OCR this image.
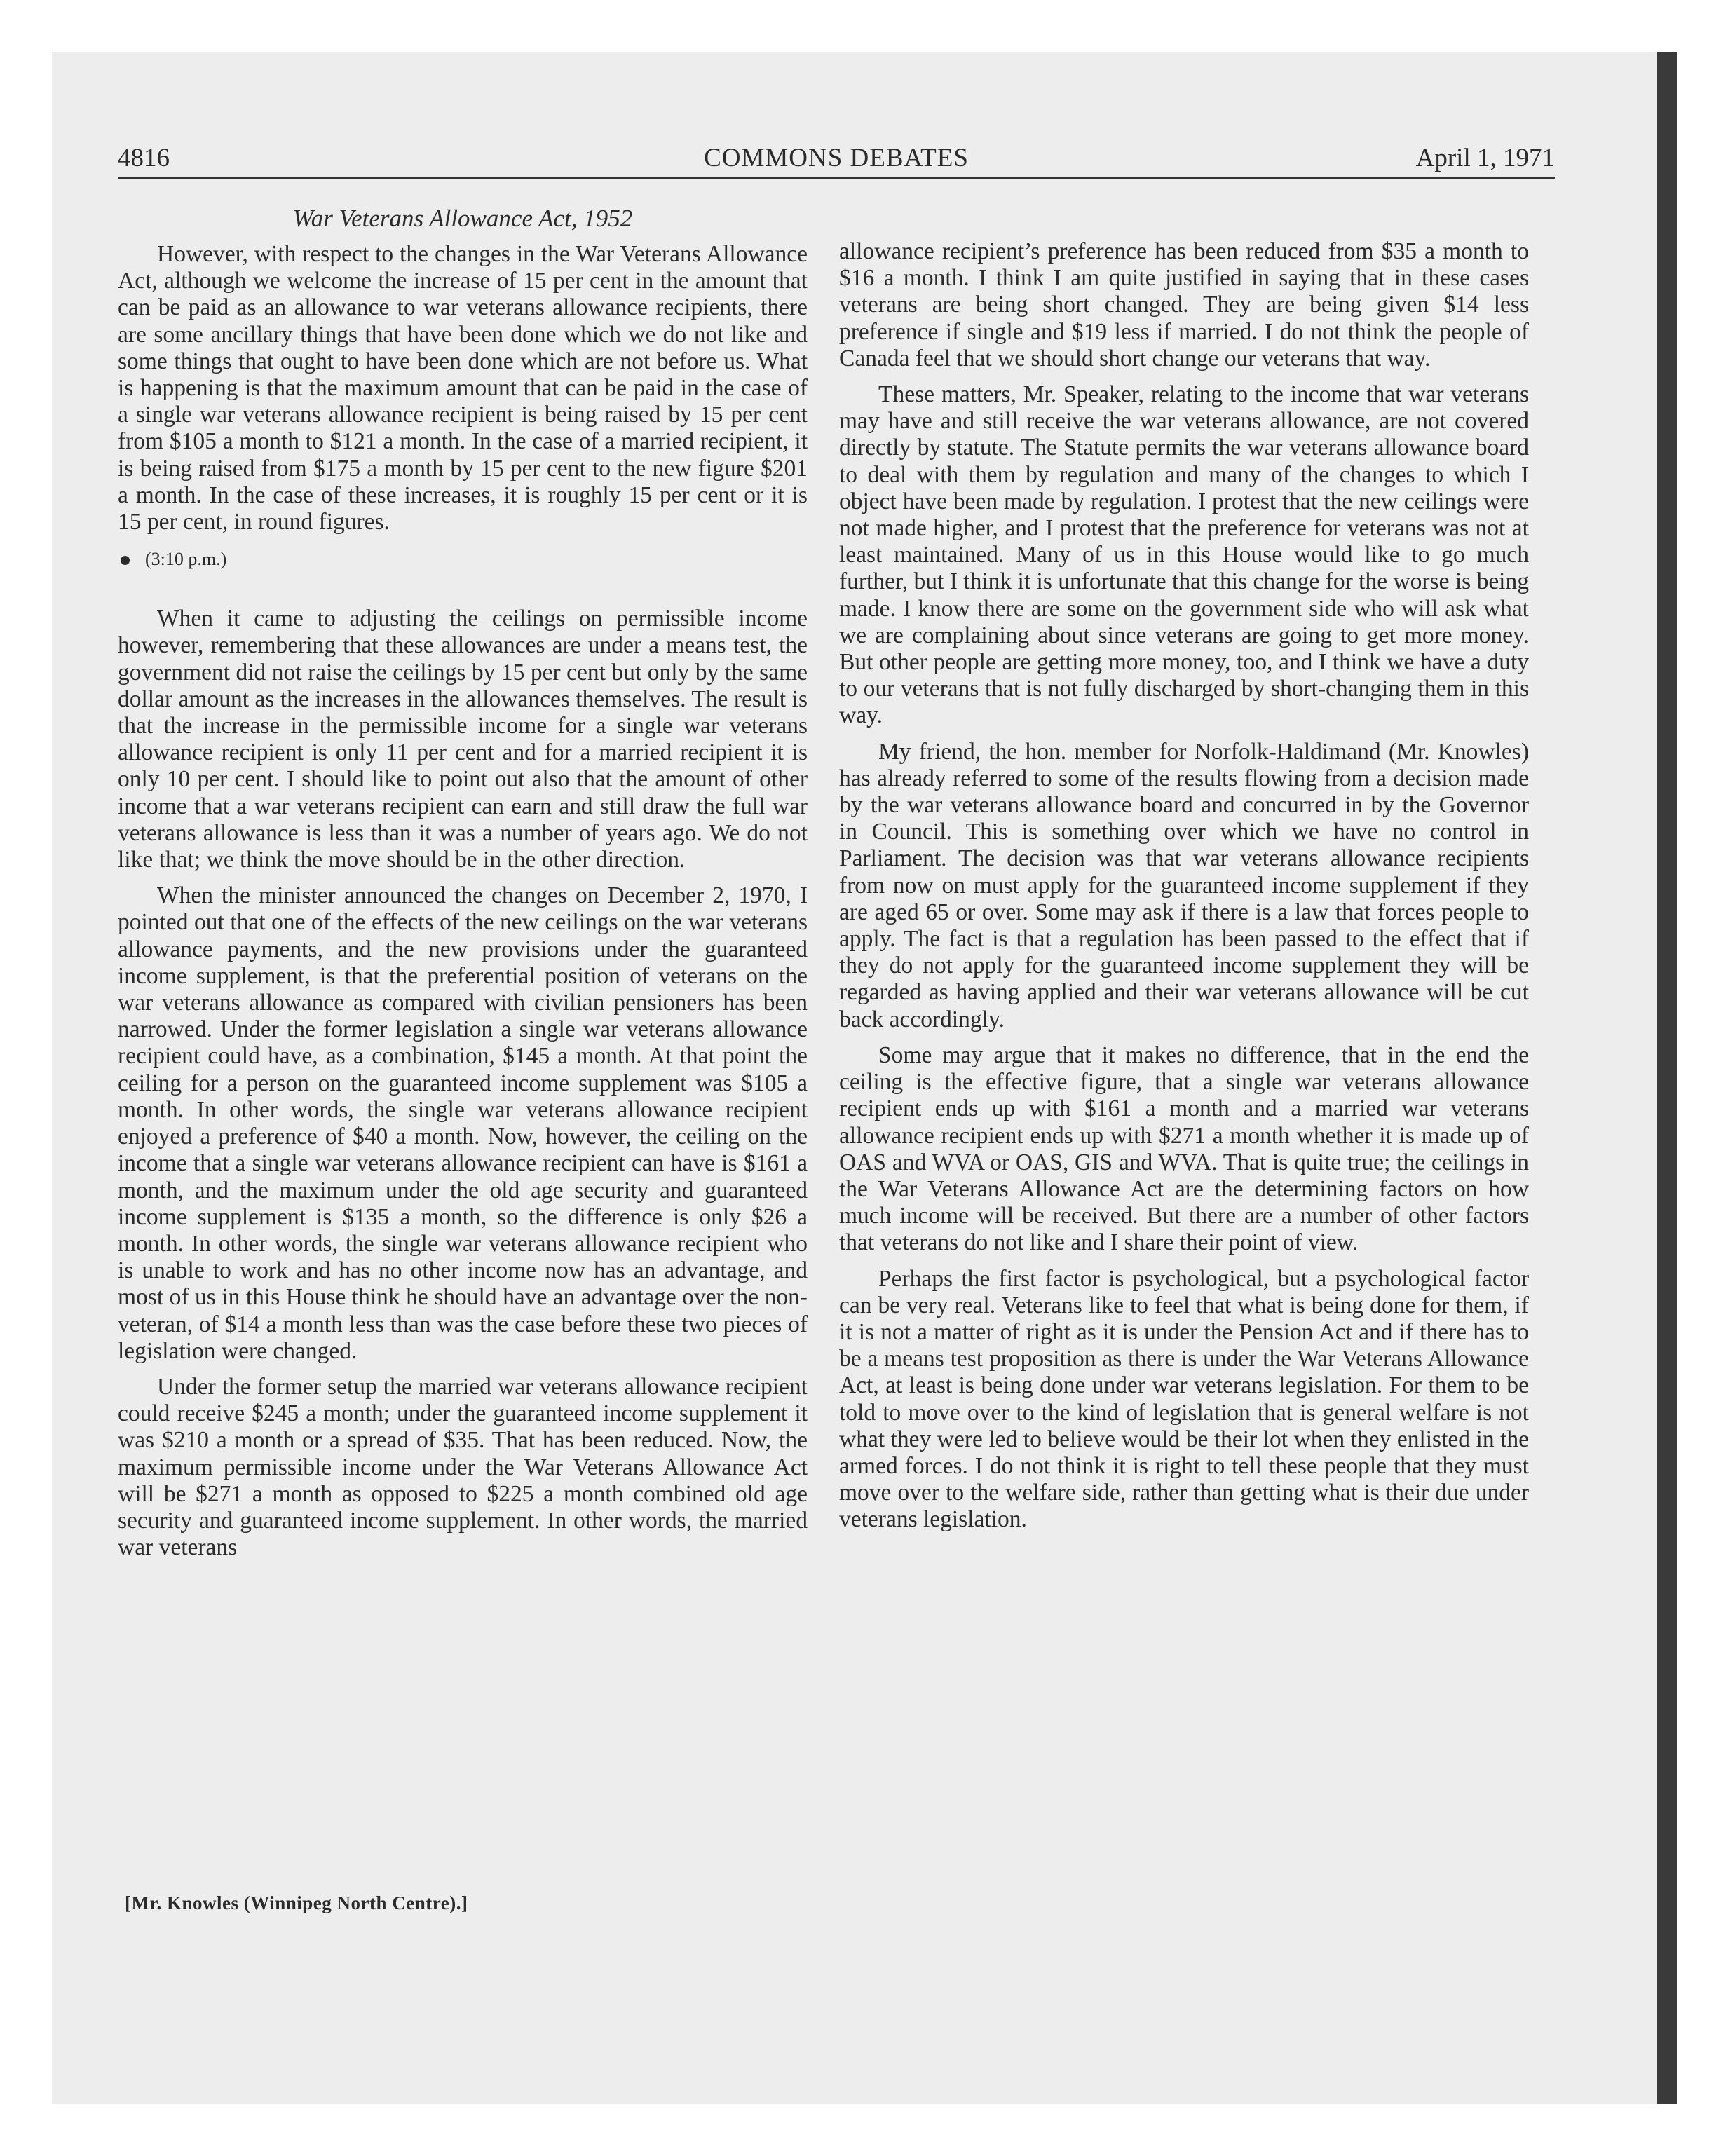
4816	COMMONS DEBATES	April 1, 1971
War Veterans Allowance Act, 1952

However, with respect to the changes in the War Veterans Allowance Act, although we welcome the increase of 15 per cent in the amount that can be paid as an allowance to war veterans allowance recipients, there are some ancillary things that have been done which we do not like and some things that ought to have been done which are not before us. What is happening is that the maximum amount that can be paid in the case of a single war veterans allowance recipient is being raised by 15 per cent from $105 a month to $121 a month. In the case of a married recipient, it is being raised from $175 a month by 15 per cent to the new figure $201 a month. In the case of these increases, it is roughly 15 per cent or it is 15 per cent, in round figures.

(3:10 p.m.)

When it came to adjusting the ceilings on permissible income however, remembering that these allowances are under a means test, the government did not raise the ceilings by 15 per cent but only by the same dollar amount as the increases in the allowances themselves. The result is that the increase in the permissible income for a single war veterans allowance recipient is only 11 per cent and for a married recipient it is only 10 per cent. I should like to point out also that the amount of other income that a war veterans recipient can earn and still draw the full war veterans allowance is less than it was a number of years ago. We do not like that; we think the move should be in the other direction.

When the minister announced the changes on December 2, 1970, I pointed out that one of the effects of the new ceilings on the war veterans allowance payments, and the new provisions under the guaranteed income supplement, is that the preferential position of veterans on the war veterans allowance as compared with civilian pensioners has been narrowed. Under the former legislation a single war veterans allowance recipient could have, as a combination, $145 a month. At that point the ceiling for a person on the guaranteed income supplement was $105 a month. In other words, the single war veterans allowance recipient enjoyed a preference of $40 a month. Now, however, the ceiling on the income that a single war veterans allowance recipient can have is $161 a month, and the maximum under the old age security and guaranteed income supplement is $135 a month, so the difference is only $26 a month. In other words, the single war veterans allowance recipient who is unable to work and has no other income now has an advantage, and most of us in this House think he should have an advantage over the non-veteran, of $14 a month less than was the case before these two pieces of legislation were changed.

Under the former setup the married war veterans allowance recipient could receive $245 a month; under the guaranteed income supplement it was $210 a month or a spread of $35. That has been reduced. Now, the maximum permissible income under the War Veterans Allowance Act will be $271 a month as opposed to $225 a month combined old age security and guaranteed income supplement. In other words, the married war veterans

allowance recipient’s preference has been reduced from $35 a month to $16 a month. I think I am quite justified in saying that in these cases veterans are being short changed. They are being given $14 less preference if single and $19 less if married. I do not think the people of Canada feel that we should short change our veterans that way.

These matters, Mr. Speaker, relating to the income that war veterans may have and still receive the war veterans allowance, are not covered directly by statute. The Statute permits the war veterans allowance board to deal with them by regulation and many of the changes to which I object have been made by regulation. I protest that the new ceilings were not made higher, and I protest that the preference for veterans was not at least maintained. Many of us in this House would like to go much further, but I think it is unfortunate that this change for the worse is being made. I know there are some on the government side who will ask what we are complaining about since veterans are going to get more money. But other people are getting more money, too, and I think we have a duty to our veterans that is not fully discharged by short-changing them in this way.

My friend, the hon. member for Norfolk-Haldimand (Mr. Knowles) has already referred to some of the results flowing from a decision made by the war veterans allowance board and concurred in by the Governor in Council. This is something over which we have no control in Parliament. The decision was that war veterans allowance recipients from now on must apply for the guaranteed income supplement if they are aged 65 or over. Some may ask if there is a law that forces people to apply. The fact is that a regulation has been passed to the effect that if they do not apply for the guaranteed income supplement they will be regarded as having applied and their war veterans allowance will be cut back accordingly.

Some may argue that it makes no difference, that in the end the ceiling is the effective figure, that a single war veterans allowance recipient ends up with $161 a month and a married war veterans allowance recipient ends up with $271 a month whether it is made up of OAS and WVA or OAS, GIS and WVA. That is quite true; the ceilings in the War Veterans Allowance Act are the determining factors on how much income will be received. But there are a number of other factors that veterans do not like and I share their point of view.

Perhaps the first factor is psychological, but a psychological factor can be very real. Veterans like to feel that what is being done for them, if it is not a matter of right as it is under the Pension Act and if there has to be a means test proposition as there is under the War Veterans Allowance Act, at least is being done under war veterans legislation. For them to be told to move over to the kind of legislation that is general welfare is not what they were led to believe would be their lot when they enlisted in the armed forces. I do not think it is right to tell these people that they must move over to the welfare side, rather than getting what is their due under veterans legislation.

[Mr. Knowles (Winnipeg North Centre).]
